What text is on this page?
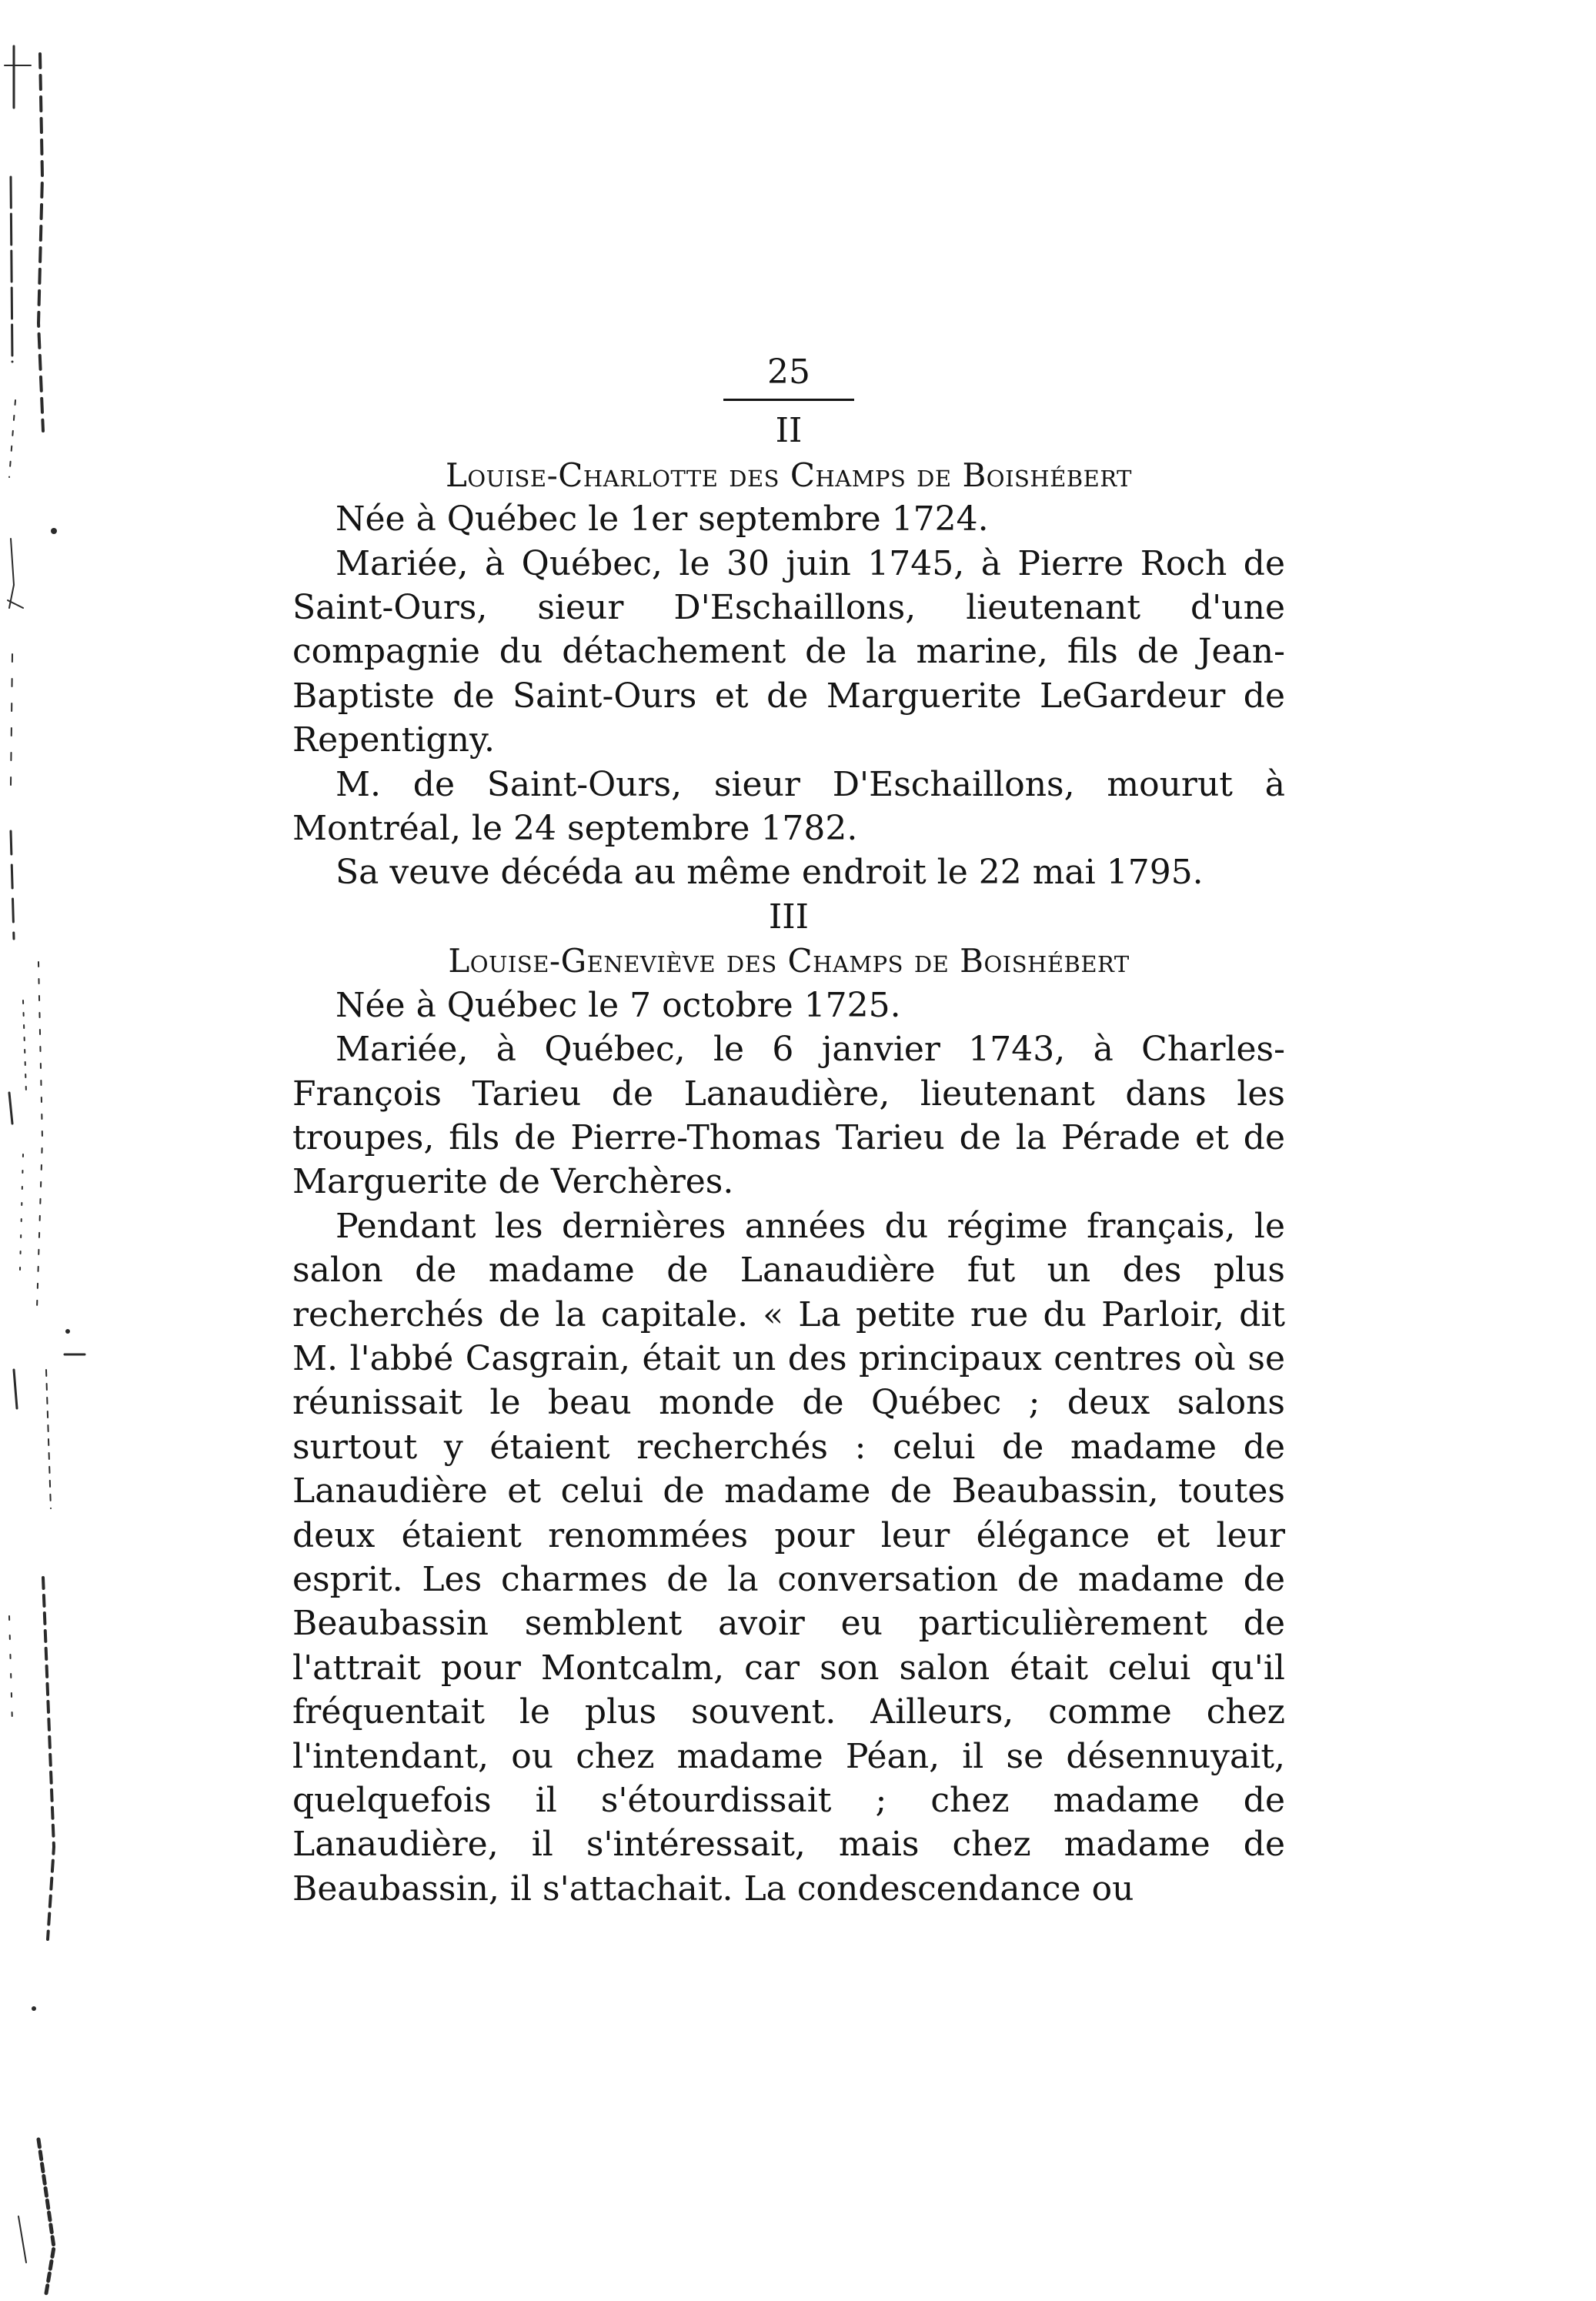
25
II
Louise-Charlotte des Champs de Boishébert

Née à Québec le 1er septembre 1724.

Mariée, à Québec, le 30 juin 1745, à Pierre Roch de Saint-Ours, sieur D'Eschaillons, lieutenant d'une compagnie du détachement de la marine, fils de Jean-Baptiste de Saint-Ours et de Marguerite LeGardeur de Repentigny.

M. de Saint-Ours, sieur D'Eschaillons, mourut à Montréal, le 24 septembre 1782.

Sa veuve décéda au même endroit le 22 mai 1795.

III
Louise-Geneviève des Champs de Boishébert

Née à Québec le 7 octobre 1725.

Mariée, à Québec, le 6 janvier 1743, à Charles-François Tarieu de Lanaudière, lieutenant dans les troupes, fils de Pierre-Thomas Tarieu de la Pérade et de Marguerite de Verchères.

Pendant les dernières années du régime français, le salon de madame de Lanaudière fut un des plus recherchés de la capitale. « La petite rue du Parloir, dit M. l'abbé Casgrain, était un des principaux centres où se réunissait le beau monde de Québec ; deux salons surtout y étaient recherchés : celui de madame de Lanaudière et celui de madame de Beaubassin, toutes deux étaient renommées pour leur élégance et leur esprit. Les charmes de la conversation de madame de Beaubassin semblent avoir eu particulièrement de l'attrait pour Montcalm, car son salon était celui qu'il fréquentait le plus souvent. Ailleurs, comme chez l'intendant, ou chez madame Péan, il se désennuyait, quelquefois il s'étourdissait ; chez madame de Lanaudière, il s'intéressait, mais chez madame de Beaubassin, il s'attachait. La condescendance ou
